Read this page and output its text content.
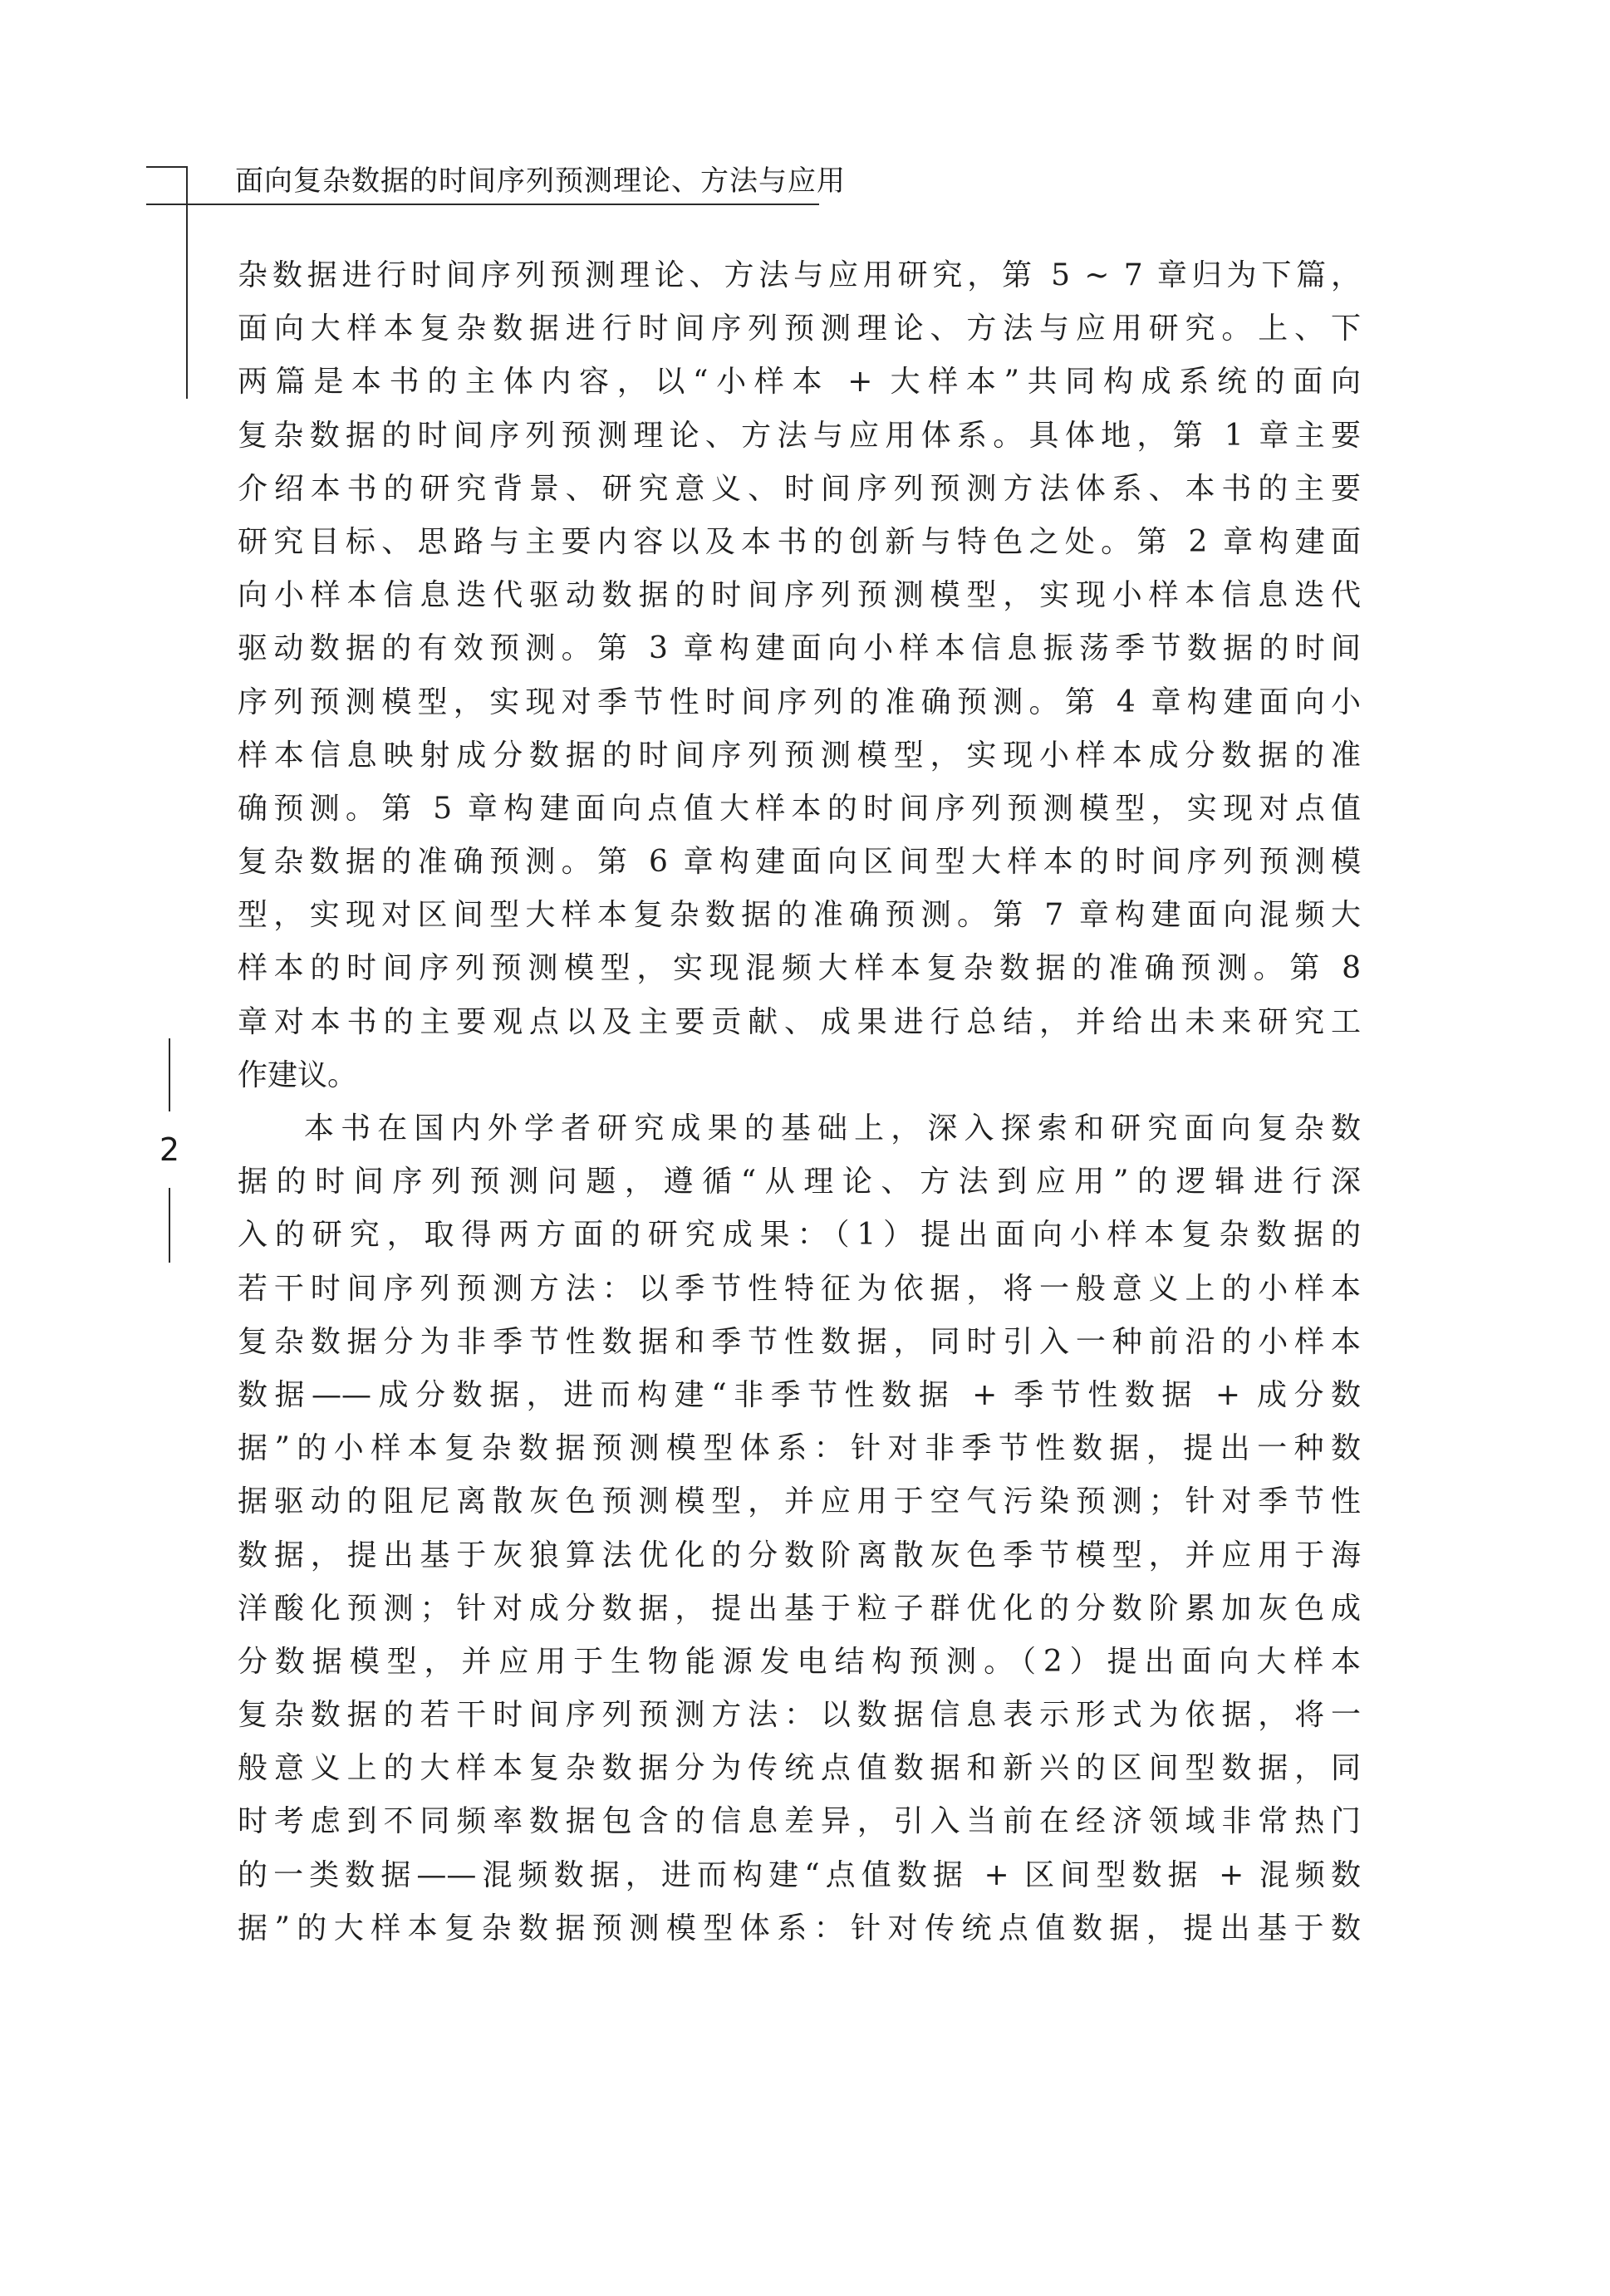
面向复杂数据的时间序列预测理论、方法与应用
2
杂数据进行时间序列预测理论、方法与应用研究，第 5 ~ 7 章归为下篇，
面向大样本复杂数据进行时间序列预测理论、方法与应用研究。上、下
两篇是本书的主体内容，以“小样本 + 大样本”共同构成系统的面向
复杂数据的时间序列预测理论、方法与应用体系。具体地，第 1 章主要
介绍本书的研究背景、研究意义、时间序列预测方法体系、本书的主要
研究目标、思路与主要内容以及本书的创新与特色之处。第 2 章构建面
向小样本信息迭代驱动数据的时间序列预测模型，实现小样本信息迭代
驱动数据的有效预测。第 3 章构建面向小样本信息振荡季节数据的时间
序列预测模型，实现对季节性时间序列的准确预测。第 4 章构建面向小
样本信息映射成分数据的时间序列预测模型，实现小样本成分数据的准
确预测。第 5 章构建面向点值大样本的时间序列预测模型，实现对点值
复杂数据的准确预测。第 6 章构建面向区间型大样本的时间序列预测模
型，实现对区间型大样本复杂数据的准确预测。第 7 章构建面向混频大
样本的时间序列预测模型，实现混频大样本复杂数据的准确预测。第 8
章对本书的主要观点以及主要贡献、成果进行总结，并给出未来研究工
作建议。
本书在国内外学者研究成果的基础上，深入探索和研究面向复杂数
据的时间序列预测问题，遵循“从理论、方法到应用”的逻辑进行深
入的研究，取得两方面的研究成果：（1）提出面向小样本复杂数据的
若干时间序列预测方法：以季节性特征为依据，将一般意义上的小样本
复杂数据分为非季节性数据和季节性数据，同时引入一种前沿的小样本
数据——成分数据，进而构建“非季节性数据 + 季节性数据 + 成分数
据”的小样本复杂数据预测模型体系：针对非季节性数据，提出一种数
据驱动的阻尼离散灰色预测模型，并应用于空气污染预测；针对季节性
数据，提出基于灰狼算法优化的分数阶离散灰色季节模型，并应用于海
洋酸化预测；针对成分数据，提出基于粒子群优化的分数阶累加灰色成
分数据模型，并应用于生物能源发电结构预测。（2）提出面向大样本
复杂数据的若干时间序列预测方法：以数据信息表示形式为依据，将一
般意义上的大样本复杂数据分为传统点值数据和新兴的区间型数据，同
时考虑到不同频率数据包含的信息差异，引入当前在经济领域非常热门
的一类数据——混频数据，进而构建“点值数据 + 区间型数据 + 混频数
据”的大样本复杂数据预测模型体系：针对传统点值数据，提出基于数
